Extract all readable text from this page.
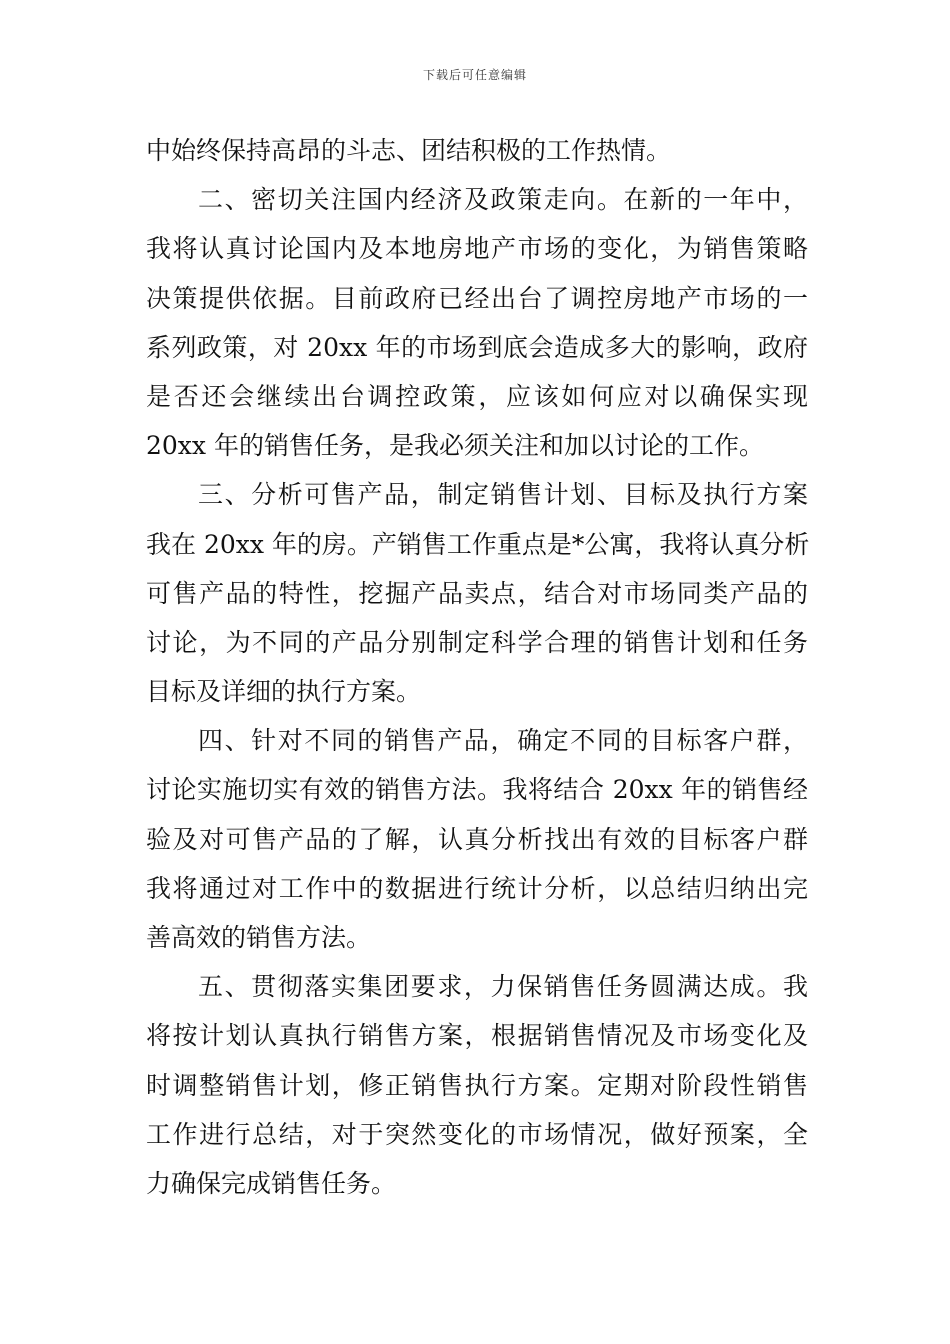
下载后可任意编辑
中始终保持高昂的斗志、团结积极的工作热情。
二、密切关注国内经济及政策走向。在新的一年中，
我将认真讨论国内及本地房地产市场的变化，为销售策略
决策提供依据。目前政府已经出台了调控房地产市场的一
系列政策，对 20xx 年的市场到底会造成多大的影响，政府
是否还会继续出台调控政策，应该如何应对以确保实现
20xx 年的销售任务，是我必须关注和加以讨论的工作。
三、分析可售产品，制定销售计划、目标及执行方案
我在 20xx 年的房。产销售工作重点是*公寓，我将认真分析
可售产品的特性，挖掘产品卖点，结合对市场同类产品的
讨论，为不同的产品分别制定科学合理的销售计划和任务
目标及详细的执行方案。
四、针对不同的销售产品，确定不同的目标客户群，
讨论实施切实有效的销售方法。我将结合 20xx 年的销售经
验及对可售产品的了解，认真分析找出有效的目标客户群
我将通过对工作中的数据进行统计分析，以总结归纳出完
善高效的销售方法。
五、贯彻落实集团要求，力保销售任务圆满达成。我
将按计划认真执行销售方案，根据销售情况及市场变化及
时调整销售计划，修正销售执行方案。定期对阶段性销售
工作进行总结，对于突然变化的市场情况，做好预案，全
力确保完成销售任务。
